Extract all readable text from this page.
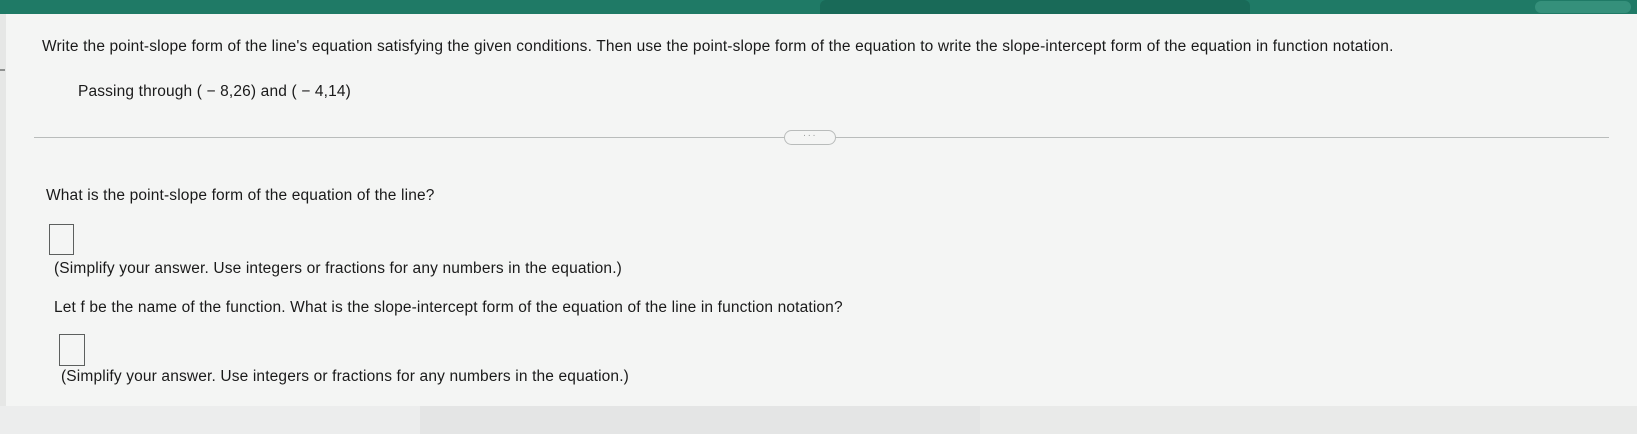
Write the point-slope form of the line's equation satisfying the given conditions. Then use the point-slope form of the equation to write the slope-intercept form of the equation in function notation.
Passing through ( − 8,26) and ( − 4,14)
···
What is the point-slope form of the equation of the line?
(Simplify your answer. Use integers or fractions for any numbers in the equation.)
Let f be the name of the function. What is the slope-intercept form of the equation of the line in function notation?
(Simplify your answer. Use integers or fractions for any numbers in the equation.)
